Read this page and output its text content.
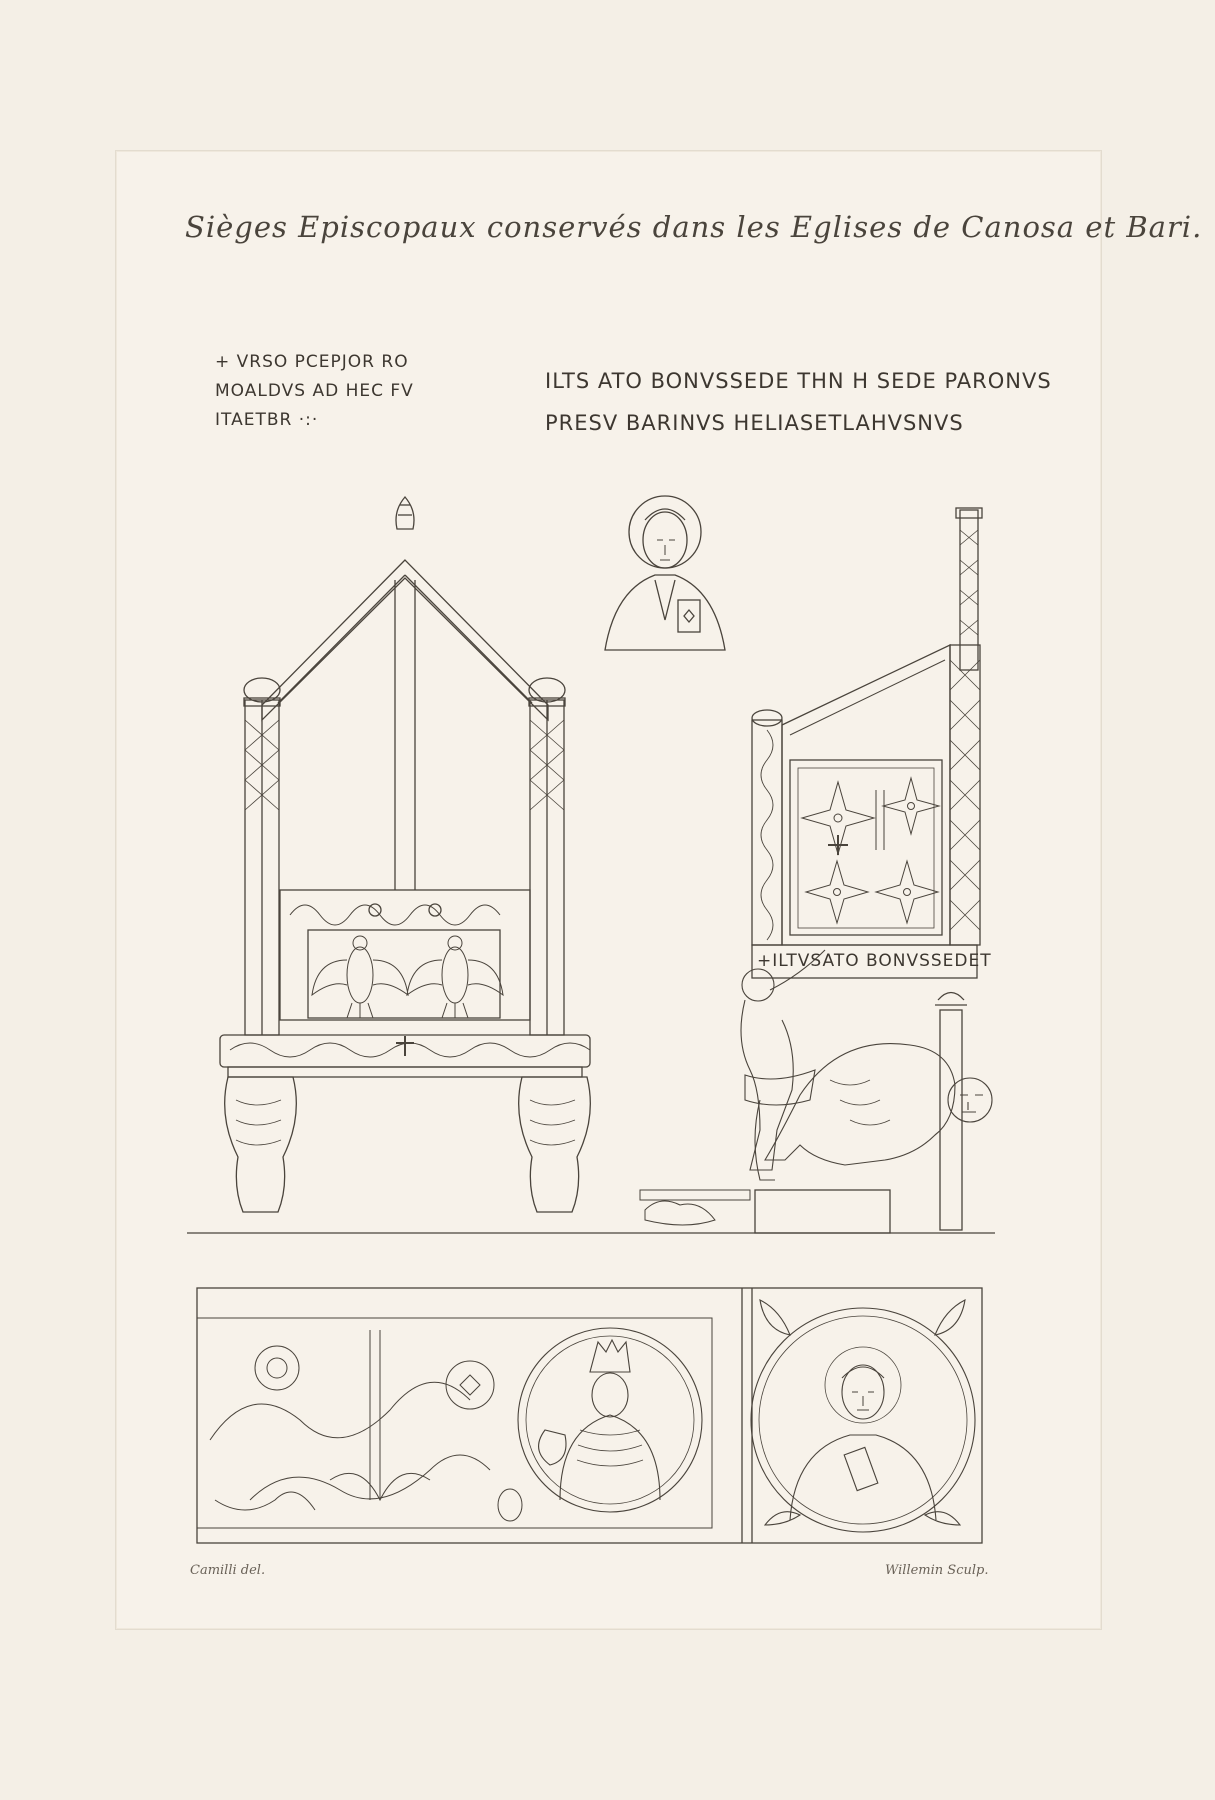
Sièges Episcopaux conservés dans les Eglises de Canosa et Bari.
+ VRSO PCEPJOR RO
MOALDVS AD HEC FV
ITAETBR ·:·
ILTS ATO BONVSSEDE THN H SEDE PARONVS
PRESV BARINVS HELIASETLAHVSNVS
+ILTVSATO BONVSSEDET
Camilli del.	Willemin Sculp.
